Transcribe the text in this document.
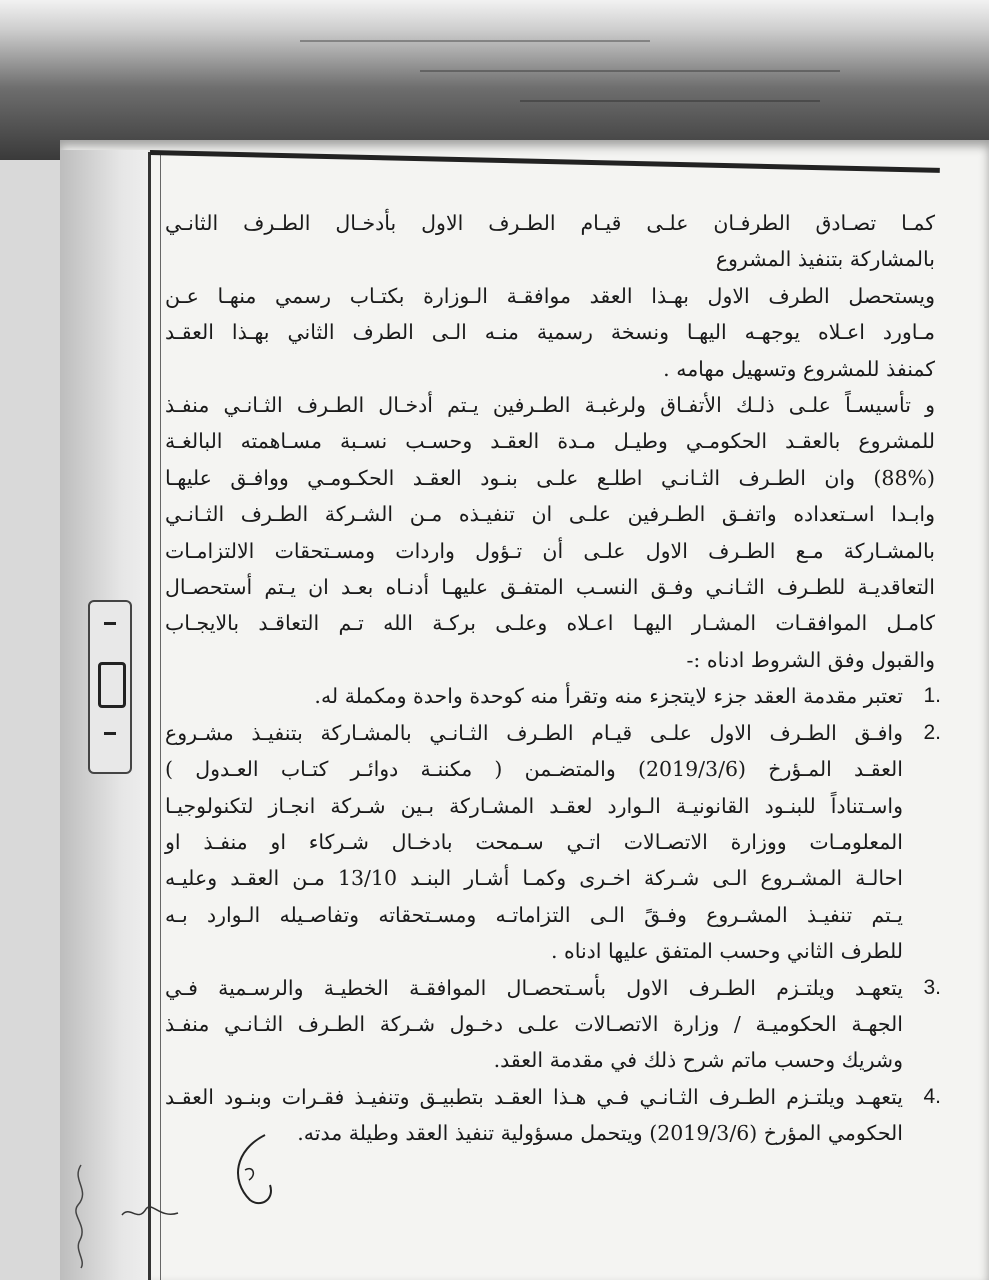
كمـا تصـادق الطرفـان علـى قيـام الطـرف الاول بأدخـال الطـرف الثانـي
بالمشاركة بتنفيذ المشروع
ويستحصل الطرف الاول بهـذا العقد موافقـة الـوزارة بكتـاب رسمي منهـا عـن
مـاورد اعـلاه يوجهـه اليهـا ونسخة رسمية منـه الـى الطرف الثاني بهـذا العقـد
كمنفذ للمشروع وتسهيل مهامه .
و تأسيسـاً علـى ذلـك الأتفـاق ولرغبـة الطـرفين يـتم أدخـال الطـرف الثـانـي منفـذ
للمشروع بالعقـد الحكومـي وطيـل مـدة العقـد وحسـب نسـبة مسـاهمته البالغـة
(88%) وان الطـرف الثـانـي اطلـع علـى بنـود العقـد الحكـومـي ووافـق عليهـا
وابـدا اسـتعداده واتفـق الطـرفين علـى ان تنفيـذه مـن الشـركة الطـرف الثـانـي
بالمشـاركة مـع الطـرف الاول علـى أن تـؤول واردات ومسـتحقات الالتزامـات
التعاقديـة للطـرف الثـانـي وفـق النسـب المتفـق عليهـا أدنـاه بعـد ان يـتم أستحصـال
كامـل الموافقـات المشـار اليهـا اعـلاه وعلـى بركـة الله تـم التعاقـد بالايجـاب
والقبول وفق الشروط ادناه :-
1.
تعتبر مقدمة العقد جزء لايتجزء منه وتقرأ منه كوحدة واحدة ومكملة له.
2.
وافـق الطـرف الاول علـى قيـام الطـرف الثـانـي بالمشـاركة بتنفيـذ مشـروع
العقـد المـؤرخ (2019/3/6) والمتضـمن ( مكننـة دوائـر كتـاب العـدول )
واسـتناداً للبنـود القانونيـة الـوارد لعقـد المشـاركة بـين شـركة انجـاز لتكنولوجيـا
المعلومـات ووزارة الاتصـالات اتـي سـمحت بادخـال شـركاء او منفـذ او
احالـة المشـروع الـى شـركة اخـرى وكمـا أشـار البنـد 13/10 مـن العقـد وعليـه
يـتم تنفيـذ المشـروع وفـقً الـى التزاماتـه ومسـتحقاته وتفاصـيله الـوارد بـه
للطرف الثاني وحسب المتفق عليها ادناه .
3.
يتعهـد ويلتـزم الطـرف الاول بأسـتحصـال الموافقـة الخطيـة والرسـمية فـي
الجهـة الحكوميـة / وزارة الاتصـالات علـى دخـول شـركة الطـرف الثـانـي منفـذ
وشريك وحسب ماتم شرح ذلك في مقدمة العقد.
4.
يتعهـد ويلتـزم الطـرف الثـانـي فـي هـذا العقـد بتطبيـق وتنفيـذ فقـرات وبنـود العقـد
الحكومي المؤرخ (2019/3/6) ويتحمل مسؤولية تنفيذ العقد وطيلة مدته.
